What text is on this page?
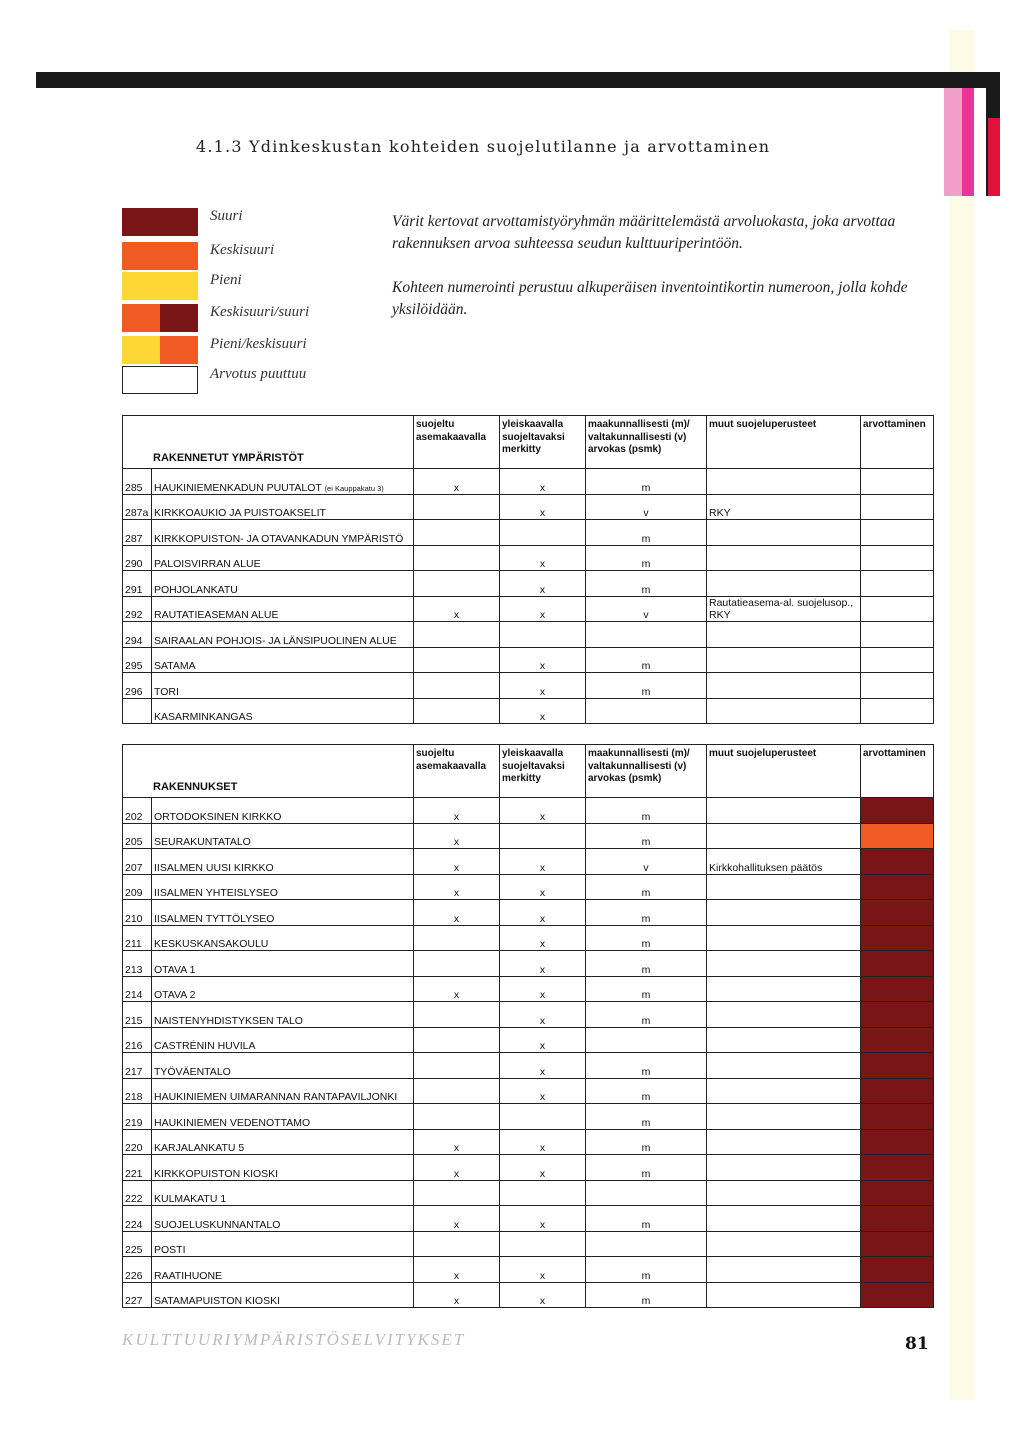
4.1.3 Ydinkeskustan kohteiden suojelutilanne ja arvottaminen
Suuri
Keskisuuri
Pieni
Keskisuuri/suuri
Pieni/keskisuuri
Arvotus puuttuu
Värit kertovat arvottamistyöryhmän määrittelemästä arvoluokasta, joka arvottaa rakennuksen arvoa suhteessa seudun kulttuuriperintöön.
Kohteen numerointi perustuu alkuperäisen inventointikortin numeroon, jolla kohde yksilöidään.
RAKENNETUT YMPÄRISTÖT		suojeltu asemakaavalla	yleiskaavalla suojeltavaksi merkitty	maakunnallisesti (m)/ valtakunnallisesti (v) arvokas (psmk)	muut suojeluperusteet	arvottaminen
285	HAUKINIEMENKADUN PUUTALOT (ei Kauppakatu 3)	x	x	m		
287a	KIRKKOAUKIO JA PUISTOAKSELIT		x	v	RKY	
287	KIRKKOPUISTON- JA OTAVANKADUN YMPÄRISTÖ			m		
290	PALOISVIRRAN ALUE		x	m		
291	POHJOLANKATU		x	m		
292	RAUTATIEASEMAN ALUE	x	x	v	Rautatieasema-al. suojelusop., RKY	
294	SAIRAALAN POHJOIS- JA LÄNSIPUOLINEN ALUE					
295	SATAMA		x	m		
296	TORI		x	m		
	KASARMINKANGAS		x			
RAKENNUKSET		suojeltu asemakaavalla	yleiskaavalla suojeltavaksi merkitty	maakunnallisesti (m)/ valtakunnallisesti (v) arvokas (psmk)	muut suojeluperusteet	arvottaminen
202	ORTODOKSINEN KIRKKO	x	x	m		
205	SEURAKUNTATALO	x		m		
207	IISALMEN UUSI KIRKKO	x	x	v	Kirkkohallituksen päätös	
209	IISALMEN YHTEISLYSEO	x	x	m		
210	IISALMEN TYTTÖLYSEO	x	x	m		
211	KESKUSKANSAKOULU		x	m		
213	OTAVA 1		x	m		
214	OTAVA 2	x	x	m		
215	NAISTENYHDISTYKSEN TALO		x	m		
216	CASTRÉNIN HUVILA		x			
217	TYÖVÄENTALO		x	m		
218	HAUKINIEMEN UIMARANNAN RANTAPAVILJONKI		x	m		
219	HAUKINIEMEN VEDENOTTAMO			m		
220	KARJALANKATU 5	x	x	m		
221	KIRKKOPUISTON KIOSKI	x	x	m		
222	KULMAKATU 1					
224	SUOJELUSKUNNANTALO	x	x	m		
225	POSTI					
226	RAATIHUONE	x	x	m		
227	SATAMAPUISTON KIOSKI	x	x	m		
KULTTUURIYMPÄRISTÖSELVITYKSET	81
